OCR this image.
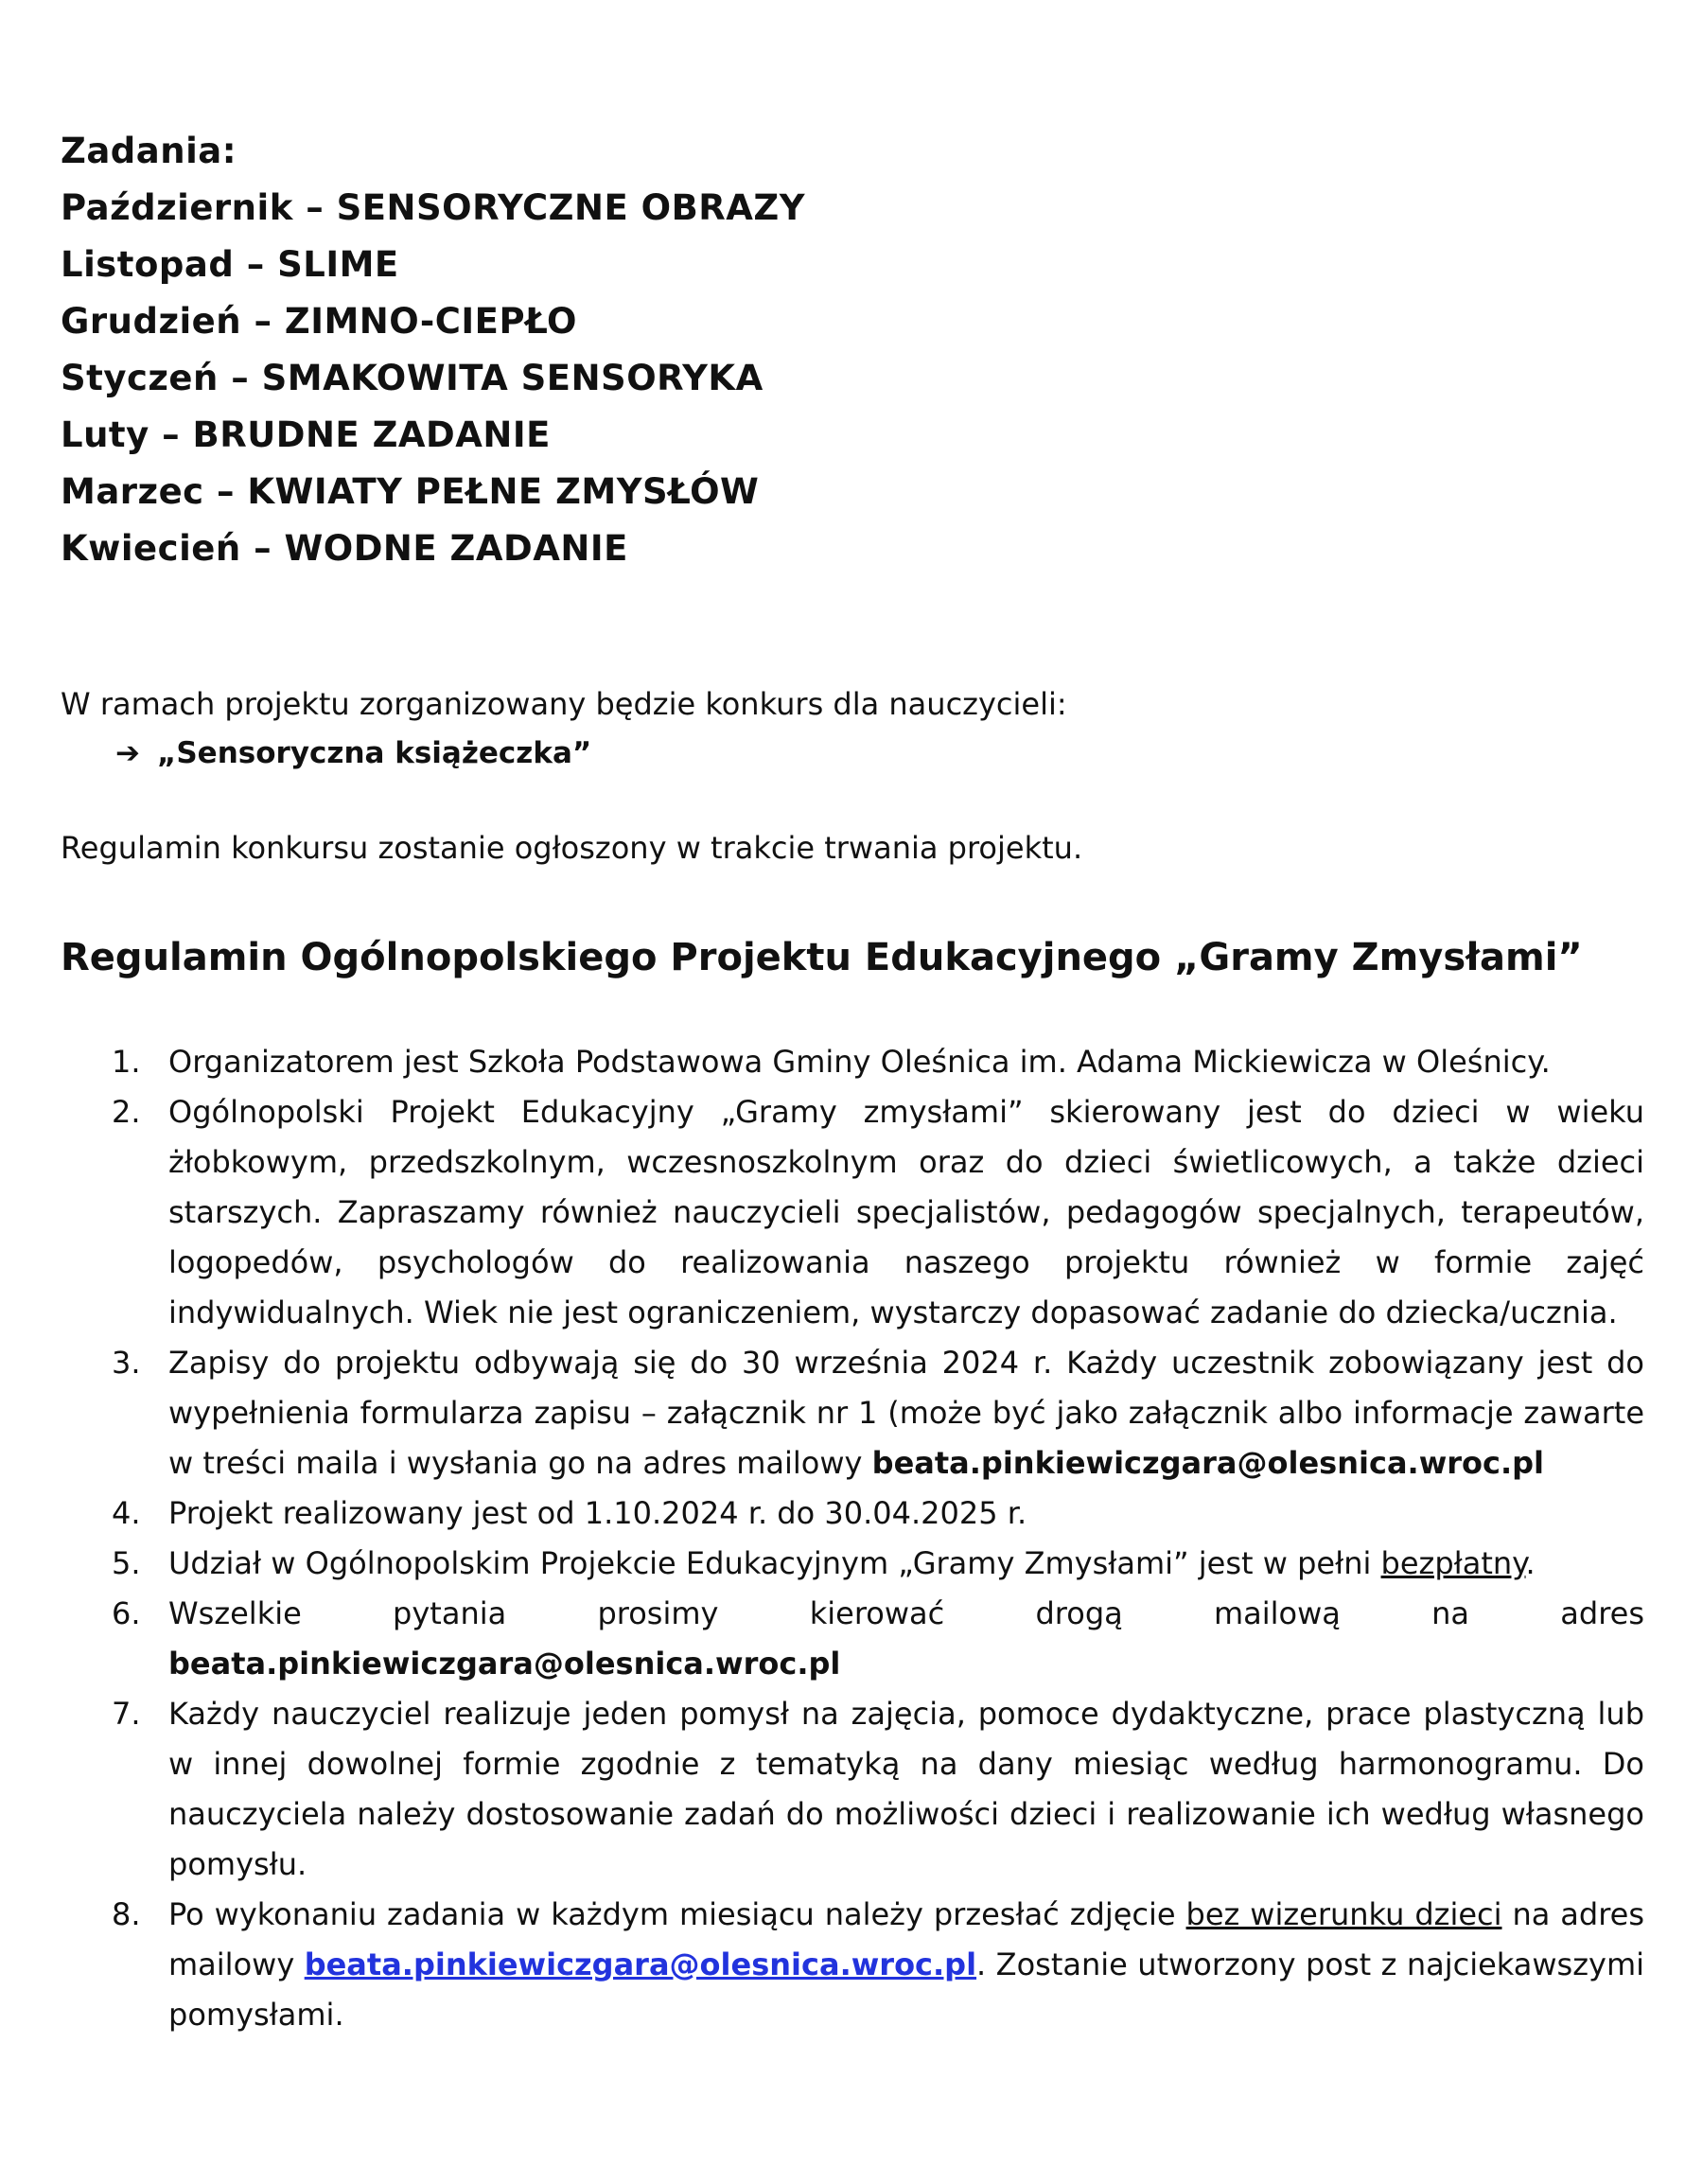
Zadania:
Październik – SENSORYCZNE OBRAZY
Listopad – SLIME
Grudzień – ZIMNO-CIEPŁO
Styczeń – SMAKOWITA SENSORYKA
Luty – BRUDNE ZADANIE
Marzec – KWIATY PEŁNE ZMYSŁÓW
Kwiecień – WODNE ZADANIE
W ramach projektu zorganizowany będzie konkurs dla nauczycieli:
➔ „Sensoryczna książeczka”
Regulamin konkursu zostanie ogłoszony w trakcie trwania projektu.
Regulamin Ogólnopolskiego Projektu Edukacyjnego „Gramy Zmysłami”
1. Organizatorem jest Szkoła Podstawowa Gminy Oleśnica im. Adama Mickiewicza w Oleśnicy.
2. Ogólnopolski Projekt Edukacyjny „Gramy zmysłami” skierowany jest do dzieci w wieku żłobkowym, przedszkolnym, wczesnoszkolnym oraz do dzieci świetlicowych, a także dzieci starszych. Zapraszamy również nauczycieli specjalistów, pedagogów specjalnych, terapeutów, logopedów, psychologów do realizowania naszego projektu również w formie zajęć indywidualnych. Wiek nie jest ograniczeniem, wystarczy dopasować zadanie do dziecka/ucznia.
3. Zapisy do projektu odbywają się do 30 września 2024 r. Każdy uczestnik zobowiązany jest do wypełnienia formularza zapisu – załącznik nr 1 (może być jako załącznik albo informacje zawarte w treści maila i wysłania go na adres mailowy beata.pinkiewiczgara@olesnica.wroc.pl
4. Projekt realizowany jest od 1.10.2024 r. do 30.04.2025 r.
5. Udział w Ogólnopolskim Projekcie Edukacyjnym „Gramy Zmysłami” jest w pełni bezpłatny.
6. Wszelkie pytania prosimy kierować drogą mailową na adres beata.pinkiewiczgara@olesnica.wroc.pl
7. Każdy nauczyciel realizuje jeden pomysł na zajęcia, pomoce dydaktyczne, prace plastyczną lub w innej dowolnej formie zgodnie z tematyką na dany miesiąc według harmonogramu. Do nauczyciela należy dostosowanie zadań do możliwości dzieci i realizowanie ich według własnego pomysłu.
8. Po wykonaniu zadania w każdym miesiącu należy przesłać zdjęcie bez wizerunku dzieci na adres mailowy beata.pinkiewiczgara@olesnica.wroc.pl. Zostanie utworzony post z najciekawszymi pomysłami.
